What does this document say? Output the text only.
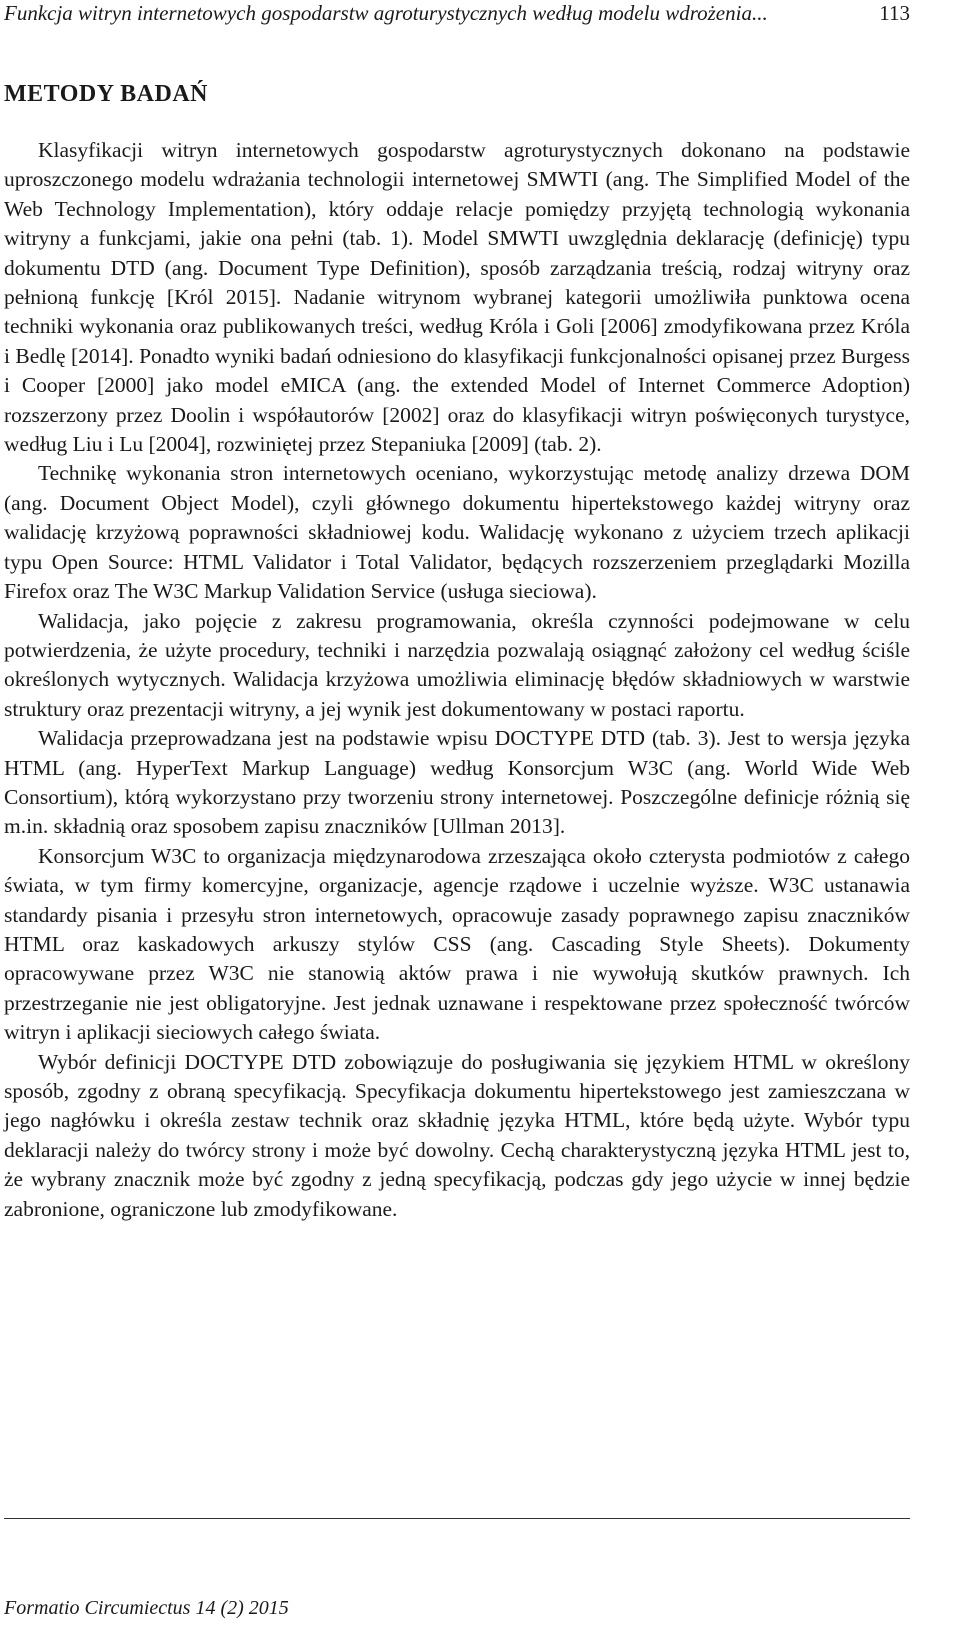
Funkcja witryn internetowych gospodarstw agroturystycznych według modelu wdrożenia...	113
METODY BADAŃ

Klasyfikacji witryn internetowych gospodarstw agroturystycznych dokonano na podstawie uproszczonego modelu wdrażania technologii internetowej SMWTI (ang. The Simplified Model of the Web Technology Implementation), który oddaje relacje pomiędzy przyjętą technologią wykonania witryny a funkcjami, jakie ona pełni (tab. 1). Model SMWTI uwzględnia deklarację (definicję) typu dokumentu DTD (ang. Document Type Definition), sposób zarządzania treścią, rodzaj witryny oraz pełnioną funkcję [Król 2015]. Nadanie witrynom wybranej kategorii umożliwiła punktowa ocena techniki wykonania oraz publikowanych treści, według Króla i Goli [2006] zmodyfikowana przez Króla i Bedlę [2014]. Ponadto wyniki badań odniesiono do klasyfikacji funkcjonalności opisanej przez Burgess i Cooper [2000] jako model eMICA (ang. the extended Model of Internet Commerce Adoption) rozszerzony przez Doolin i współautorów [2002] oraz do klasyfikacji witryn poświęconych turystyce, według Liu i Lu [2004], rozwiniętej przez Stepaniuka [2009] (tab. 2).

Technikę wykonania stron internetowych oceniano, wykorzystując metodę analizy drzewa DOM (ang. Document Object Model), czyli głównego dokumentu hipertekstowego każdej witryny oraz walidację krzyżową poprawności składniowej kodu. Walidację wykonano z użyciem trzech aplikacji typu Open Source: HTML Validator i Total Validator, będących rozszerzeniem przeglądarki Mozilla Firefox oraz The W3C Markup Validation Service (usługa sieciowa).

Walidacja, jako pojęcie z zakresu programowania, określa czynności podejmowane w celu potwierdzenia, że użyte procedury, techniki i narzędzia pozwalają osiągnąć założony cel według ściśle określonych wytycznych. Walidacja krzyżowa umożliwia eliminację błędów składniowych w warstwie struktury oraz prezentacji witryny, a jej wynik jest dokumentowany w postaci raportu.

Walidacja przeprowadzana jest na podstawie wpisu DOCTYPE DTD (tab. 3). Jest to wersja języka HTML (ang. HyperText Markup Language) według Konsorcjum W3C (ang. World Wide Web Consortium), którą wykorzystano przy tworzeniu strony internetowej. Poszczególne definicje różnią się m.in. składnią oraz sposobem zapisu znaczników [Ullman 2013].

Konsorcjum W3C to organizacja międzynarodowa zrzeszająca około czterysta podmiotów z całego świata, w tym firmy komercyjne, organizacje, agencje rządowe i uczelnie wyższe. W3C ustanawia standardy pisania i przesyłu stron internetowych, opracowuje zasady poprawnego zapisu znaczników HTML oraz kaskadowych arkuszy stylów CSS (ang. Cascading Style Sheets). Dokumenty opracowywane przez W3C nie stanowią aktów prawa i nie wywołują skutków prawnych. Ich przestrzeganie nie jest obligatoryjne. Jest jednak uznawane i respektowane przez społeczność twórców witryn i aplikacji sieciowych całego świata.

Wybór definicji DOCTYPE DTD zobowiązuje do posługiwania się językiem HTML w określony sposób, zgodny z obraną specyfikacją. Specyfikacja dokumentu hipertekstowego jest zamieszczana w jego nagłówku i określa zestaw technik oraz składnię języka HTML, które będą użyte. Wybór typu deklaracji należy do twórcy strony i może być dowolny. Cechą charakterystyczną języka HTML jest to, że wybrany znacznik może być zgodny z jedną specyfikacją, podczas gdy jego użycie w innej będzie zabronione, ograniczone lub zmodyfikowane.

Formatio Circumiectus 14 (2) 2015
